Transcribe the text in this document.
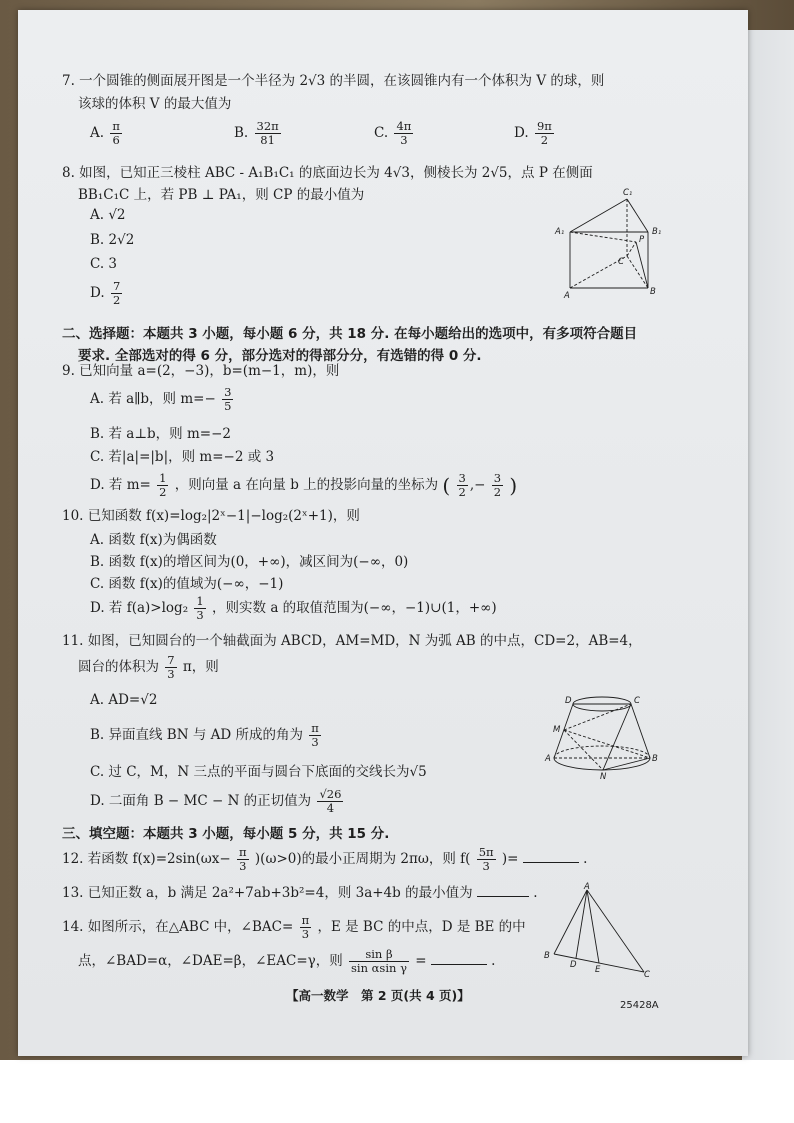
7. 一个圆锥的侧面展开图是一个半径为 2√3 的半圆，在该圆锥内有一个体积为 V 的球，则
该球的体积 V 的最大值为
A. $\frac{\pi}{6}$	B. $\frac{32\pi}{81}$	C. $\frac{4\pi}{3}$	D. $\frac{9\pi}{2}$
8. 如图，已知正三棱柱 ABC - A₁B₁C₁ 的底面边长为 4√3，侧棱长为 2√5，点 P 在侧面
BB₁C₁C 上，若 PB ⊥ PA₁，则 CP 的最小值为
A. √2
B. 2√2
C. 3
D. $\frac{7}{2}$
C₁
A₁	B₁
P
C
A	B
二、选择题：本题共 3 小题，每小题 6 分，共 18 分. 在每小题给出的选项中，有多项符合题目
要求. 全部选对的得 6 分，部分选对的得部分分，有选错的得 0 分.
9. 已知向量 a=(2，−3)，b=(m−1，m)，则
A. 若 a∥b，则 $m=- \frac{3}{5}$
B. 若 a⊥b，则 m=−2
C. 若|a|=|b|，则 m=−2 或 3
D. 若 $m= \frac{1}{2}$ ，则向量 a 在向量 b 上的投影向量的坐标为 ( $\frac{3}{2}$ ,− $\frac{3}{2}$ )
10. 已知函数 f(x)=log₂|2ˣ−1|−log₂(2ˣ+1)，则
A. 函数 f(x)为偶函数
B. 函数 f(x)的增区间为(0，+∞)，减区间为(−∞，0)
C. 函数 f(x)的值域为(−∞，−1)
D. 若 $f(a)>\log_2 \frac{1}{3}$ ，则实数 a 的取值范围为(−∞，−1)∪(1，+∞)
11. 如图，已知圆台的一个轴截面为 ABCD，AM=MD，N 为弧 AB 的中点，CD=2，AB=4，
圆台的体积为 $\frac{7}{3}$ π，则
A. AD=√2
B. 异面直线 BN 与 AD 所成的角为 $\frac{\pi}{3}$
C. 过 C，M，N 三点的平面与圆台下底面的交线长为√5
D. 二面角 B − MC − N 的正切值为 $\frac{√26}{4}$
D	C
M
A
N
B
三、填空题：本题共 3 小题，每小题 5 分，共 15 分.
12. 若函数 $f(x)=2\sin(\omega x- \frac{\pi}{3} )(\omega>0)$的最小正周期为 2πω，则 $f( \frac{5\pi}{3}$ )=	.
13. 已知正数 a，b 满足 2a²+7ab+3b²=4，则 3a+4b 的最小值为	.
14. 如图所示，在△ABC 中，∠BAC= $\frac{\pi}{3}$ ，E 是 BC 的中点，D 是 BE 的中
点，∠BAD=α，∠DAE=β，∠EAC=γ，则 $\frac{\text{sin β}}{\text{sin αsin γ}}$ =	.
A
B
D E	C
【高一数学　第 2 页(共 4 页)】
25428A
